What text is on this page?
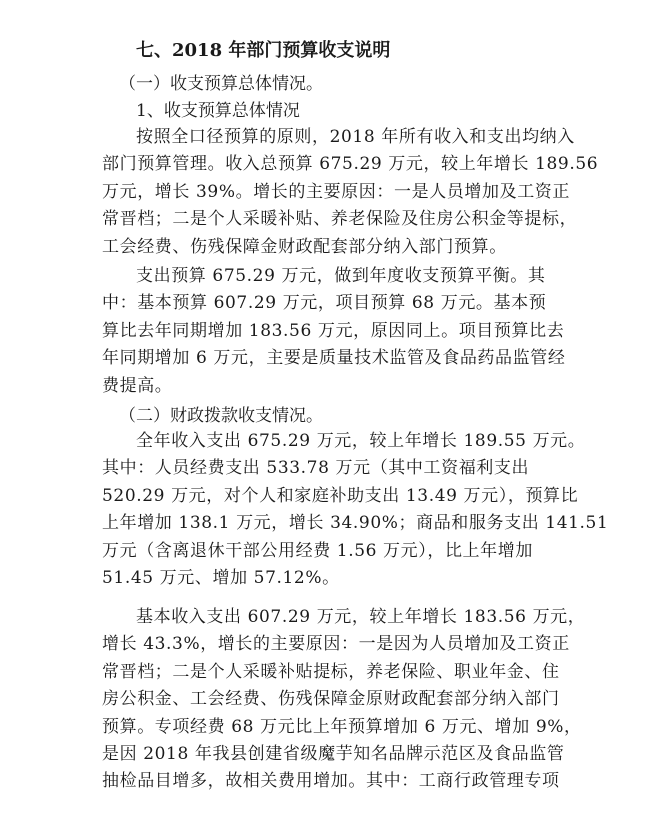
七、2018 年部门预算收支说明
（一）收支预算总体情况。
1、收支预算总体情况
按照全口径预算的原则，2018 年所有收入和支出均纳入
部门预算管理。收入总预算 675.29 万元，较上年增长 189.56
万元，增长 39%。增长的主要原因：一是人员增加及工资正
常晋档；二是个人采暖补贴、养老保险及住房公积金等提标，
工会经费、伤残保障金财政配套部分纳入部门预算。
支出预算 675.29 万元，做到年度收支预算平衡。其
中：基本预算 607.29 万元，项目预算 68 万元。基本预
算比去年同期增加 183.56 万元，原因同上。项目预算比去
年同期增加 6 万元，主要是质量技术监管及食品药品监管经
费提高。
（二）财政拨款收支情况。
全年收入支出 675.29 万元，较上年增长 189.55 万元。
其中：人员经费支出 533.78 万元（其中工资福利支出
520.29 万元，对个人和家庭补助支出 13.49 万元），预算比
上年增加 138.1 万元，增长 34.90%；商品和服务支出 141.51
万元（含离退休干部公用经费 1.56 万元），比上年增加
51.45 万元、增加 57.12%。
基本收入支出 607.29 万元，较上年增长 183.56 万元，
增长 43.3%，增长的主要原因：一是因为人员增加及工资正
常晋档；二是个人采暖补贴提标，养老保险、职业年金、住
房公积金、工会经费、伤残保障金原财政配套部分纳入部门
预算。专项经费 68 万元比上年预算增加 6 万元、增加 9%，
是因 2018 年我县创建省级魔芋知名品牌示范区及食品监管
抽检品目增多，故相关费用增加。其中：工商行政管理专项
